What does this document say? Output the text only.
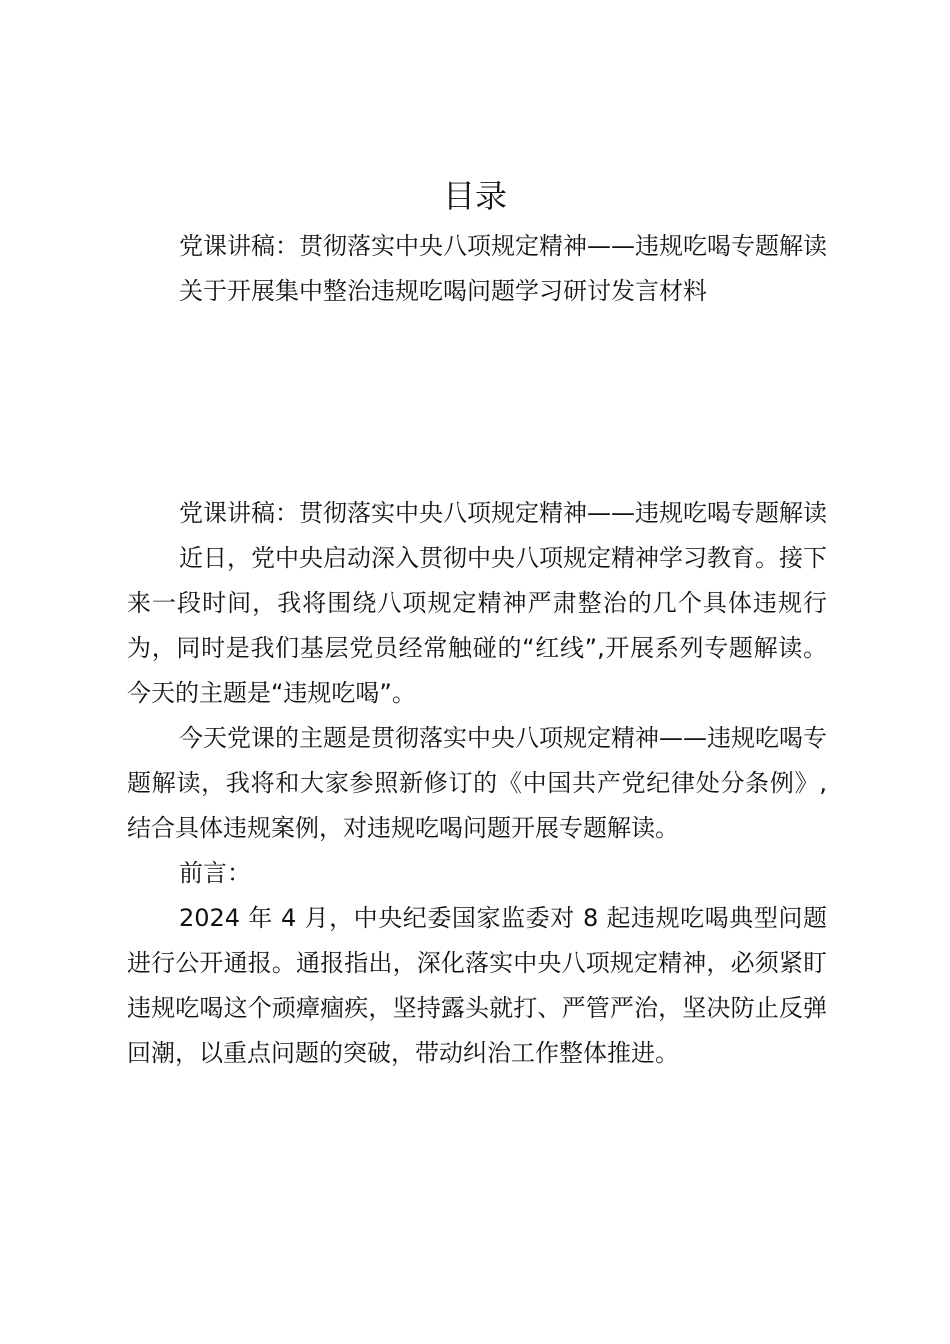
目录

党课讲稿：贯彻落实中央八项规定精神——违规吃喝专题解读

关于开展集中整治违规吃喝问题学习研讨发言材料

党课讲稿：贯彻落实中央八项规定精神——违规吃喝专题解读

近日，党中央启动深入贯彻中央八项规定精神学习教育。接下来一段时间，我将围绕八项规定精神严肃整治的几个具体违规行为，同时是我们基层党员经常触碰的“红线”,开展系列专题解读。今天的主题是“违规吃喝”。

今天党课的主题是贯彻落实中央八项规定精神——违规吃喝专题解读，我将和大家参照新修订的《中国共产党纪律处分条例》,结合具体违规案例，对违规吃喝问题开展专题解读。

前言：

2024 年 4 月，中央纪委国家监委对 8 起违规吃喝典型问题进行公开通报。通报指出，深化落实中央八项规定精神，必须紧盯违规吃喝这个顽瘴痼疾，坚持露头就打、严管严治，坚决防止反弹回潮，以重点问题的突破，带动纠治工作整体推进。
